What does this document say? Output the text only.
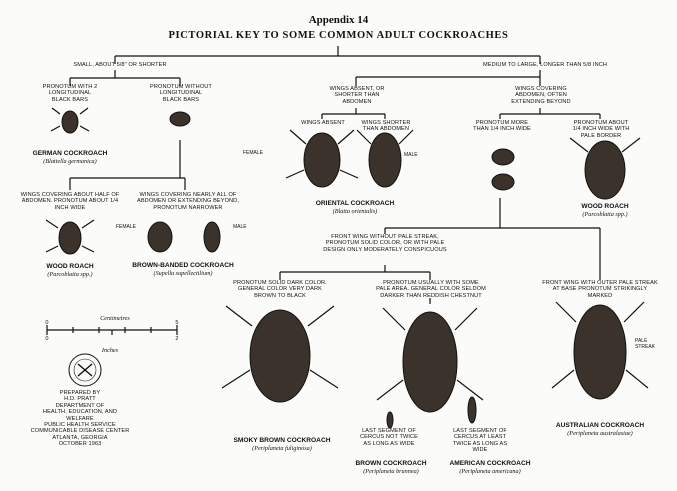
Appendix 14
PICTORIAL KEY TO SOME COMMON ADULT COCKROACHES
SMALL, ABOUT 5/8" OR SHORTER	MEDIUM TO LARGE, LONGER THAN 5/8 INCH
PRONOTUM WITH 2 LONGITUDINAL BLACK BARS
PRONOTUM WITHOUT LONGITUDINAL BLACK BARS
WINGS COVERING ABOUT HALF OF ABDOMEN. PRONOTUM ABOUT 1/4 INCH WIDE
WINGS COVERING NEARLY ALL OF ABDOMEN OR EXTENDING BEYOND, PRONOTUM NARROWER
WINGS ABSENT, OR SHORTER THAN ABDOMEN
WINGS COVERING ABDOMEN, OFTEN EXTENDING BEYOND
WINGS ABSENT	WINGS SHORTER THAN ABDOMEN
PRONOTUM MORE THAN 1/4 INCH WIDE
PRONOTUM ABOUT 1/4 INCH WIDE WITH PALE BORDER
FRONT WING WITHOUT PALE STREAK, PRONOTUM SOLID COLOR, OR WITH PALE DESIGN ONLY MODERATELY CONSPICUOUS
PRONOTUM SOLID DARK COLOR. GENERAL COLOR VERY DARK BROWN TO BLACK
PRONOTUM USUALLY WITH SOME PALE AREA. GENERAL COLOR SELDOM DARKER THAN REDDISH CHESTNUT
FRONT WING WITH OUTER PALE STREAK AT BASE PRONOTUM STRIKINGLY MARKED
LAST SEGMENT OF CERCUS NOT TWICE AS LONG AS WIDE
LAST SEGMENT OF CERCUS AT LEAST TWICE AS LONG AS WIDE
FEMALE	MALE
FEMALE	MALE
PALE STREAK
GERMAN COCKROACH
(Blattella germanica)
WOOD ROACH
(Parcoblatta spp.)
BROWN-BANDED COCKROACH
(Supella supellectilium)
ORIENTAL COCKROACH
(Blatta orientalis)
WOOD ROACH
(Parcoblatta spp.)
SMOKY BROWN COCKROACH
(Periplaneta fuliginosa)
BROWN COCKROACH
(Periplaneta brunnea)
AMERICAN COCKROACH
(Periplaneta americana)
AUSTRALIAN COCKROACH
(Periplaneta australasiae)
Centimetres
Inches
0	5
0	2
PREPARED BY
H.D. PRATT
DEPARTMENT OF
HEALTH, EDUCATION, AND WELFARE
PUBLIC HEALTH SERVICE
COMMUNICABLE DISEASE CENTER
ATLANTA, GEORGIA
OCTOBER 1963
